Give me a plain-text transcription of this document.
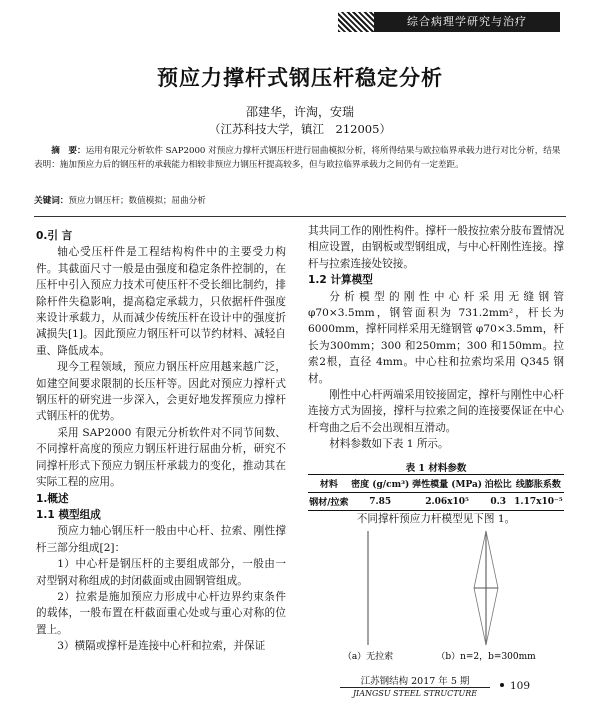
综合病理学研究与治疗
预应力撑杆式钢压杆稳定分析
邵建华，许淘，安瑞
（江苏科技大学，镇江　212005）
摘　要：运用有限元分析软件 SAP2000 对预应力撑杆式钢压杆进行屈曲模拟分析，将所得结果与欧拉临界承载力进行对比分析，结果表明：施加预应力后的钢压杆的承载能力相较非预应力钢压杆提高较多，但与欧拉临界承载力之间仍有一定差距。
关键词：预应力钢压杆；数值模拟；屈曲分析

0.引 言

轴心受压杆件是工程结构构件中的主要受力构件。其截面尺寸一般是由强度和稳定条件控制的，在压杆中引入预应力技术可使压杆不受长细比制约，排除杆件失稳影响，提高稳定承载力，只依据杆件强度来设计承载力，从而减少传统压杆在设计中的强度折减损失[1]。因此预应力钢压杆可以节约材料、减轻自重、降低成本。

现今工程领域，预应力钢压杆应用越来越广泛，如建空间要求限制的长压杆等。因此对预应力撑杆式钢压杆的研究进一步深入，会更好地发挥预应力撑杆式钢压杆的优势。

采用 SAP2000 有限元分析软件对不同节间数、不同撑杆高度的预应力钢压杆进行屈曲分析，研究不同撑杆形式下预应力钢压杆承载力的变化，推动其在实际工程的应用。

1.概述

1.1 模型组成

预应力轴心钢压杆一般由中心杆、拉索、刚性撑杆三部分组成[2]：

1）中心杆是钢压杆的主要组成部分，一般由一对型钢对称组成的封闭截面或由圆钢管组成。

2）拉索是施加预应力形成中心杆边界约束条件的载体，一般布置在杆截面重心处或与重心对称的位置上。

3）横隔或撑杆是连接中心杆和拉索，并保证

其共同工作的刚性构件。撑杆一般按拉索分肢布置情况相应设置，由钢板或型钢组成，与中心杆刚性连接。撑杆与拉索连接处铰接。

1.2 计算模型

分析模型的刚性中心杆采用无缝钢管φ70×3.5mm，钢管面积为 731.2mm²，杆长为6000mm，撑杆同样采用无缝钢管 φ70×3.5mm，杆长为300mm；300 和250mm；300 和150mm。拉索2根，直径 4mm。中心柱和拉索均采用 Q345 钢材。

刚性中心杆两端采用铰接固定，撑杆与刚性中心杆连接方式为固接，撑杆与拉索之间的连接要保证在中心杆弯曲之后不会出现相互滑动。

材料参数如下表 1 所示。

表 1 材料参数
材料	密度 (g/cm³)	弹性模量 (MPa)	泊松比	线膨胀系数
钢材/拉索	7.85	2.06x10⁵	0.3	1.17x10⁻⁵
不同撑杆预应力杆模型见下图 1。
（a）无拉索	（b）n=2，b=300mm
江苏钢结构 2017 年 5 期
JIANGSU STEEL STRUCTURE
109
